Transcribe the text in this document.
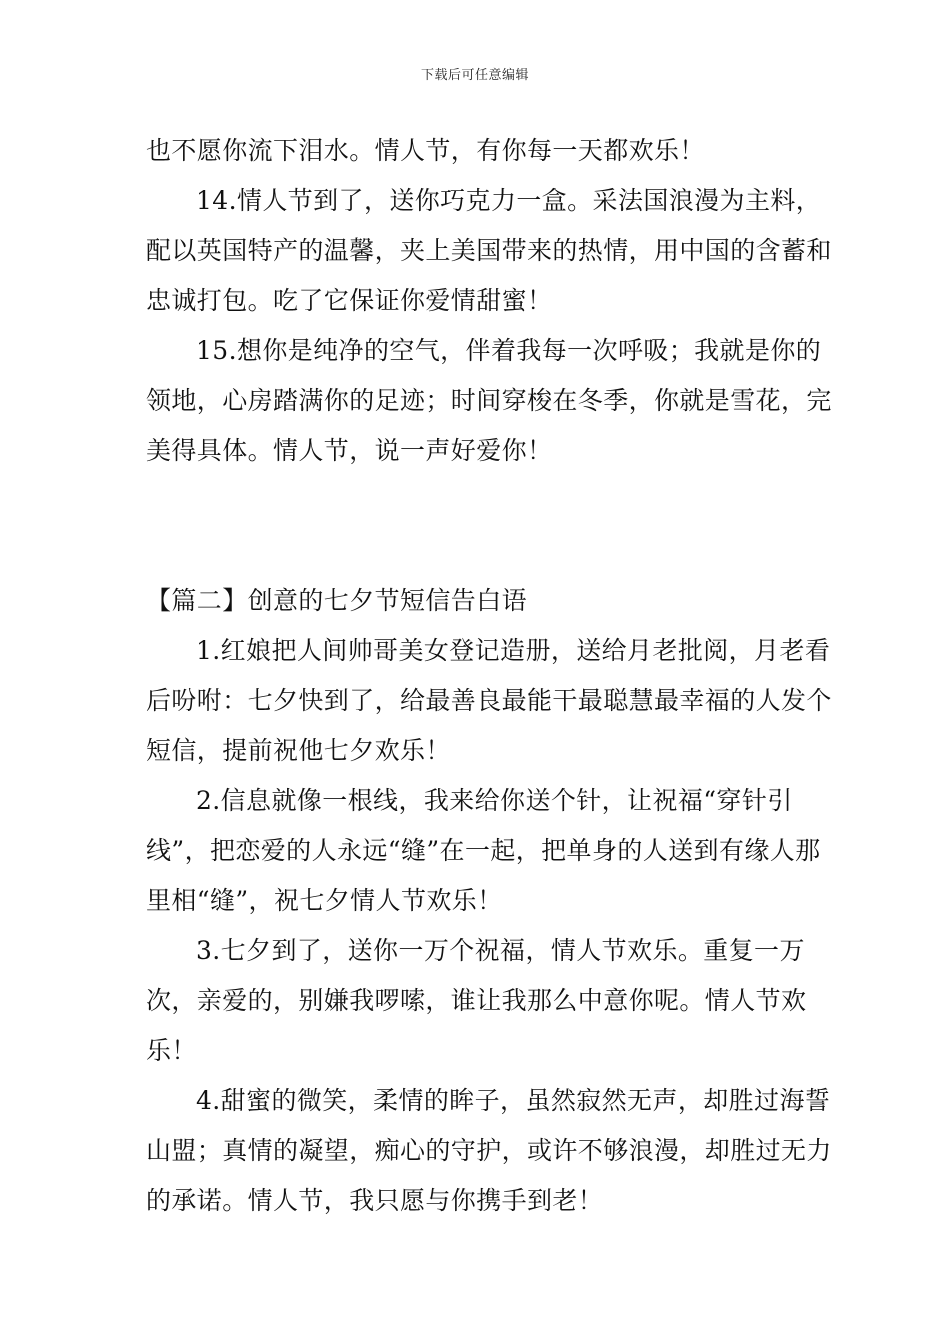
下载后可任意编辑

也不愿你流下泪水。情人节，有你每一天都欢乐！

14.情人节到了，送你巧克力一盒。采法国浪漫为主料，配以英国特产的温馨，夹上美国带来的热情，用中国的含蓄和忠诚打包。吃了它保证你爱情甜蜜！

15.想你是纯净的空气，伴着我每一次呼吸；我就是你的领地，心房踏满你的足迹；时间穿梭在冬季，你就是雪花，完美得具体。情人节，说一声好爱你！

【篇二】创意的七夕节短信告白语

1.红娘把人间帅哥美女登记造册，送给月老批阅，月老看后吩咐：七夕快到了，给最善良最能干最聪慧最幸福的人发个短信，提前祝他七夕欢乐！

2.信息就像一根线，我来给你送个针，让祝福“穿针引线”，把恋爱的人永远“缝”在一起，把单身的人送到有缘人那里相“缝”，祝七夕情人节欢乐！

3.七夕到了，送你一万个祝福，情人节欢乐。重复一万次，亲爱的，别嫌我啰嗦，谁让我那么中意你呢。情人节欢乐！

4.甜蜜的微笑，柔情的眸子，虽然寂然无声，却胜过海誓山盟；真情的凝望，痴心的守护，或许不够浪漫，却胜过无力的承诺。情人节，我只愿与你携手到老！
